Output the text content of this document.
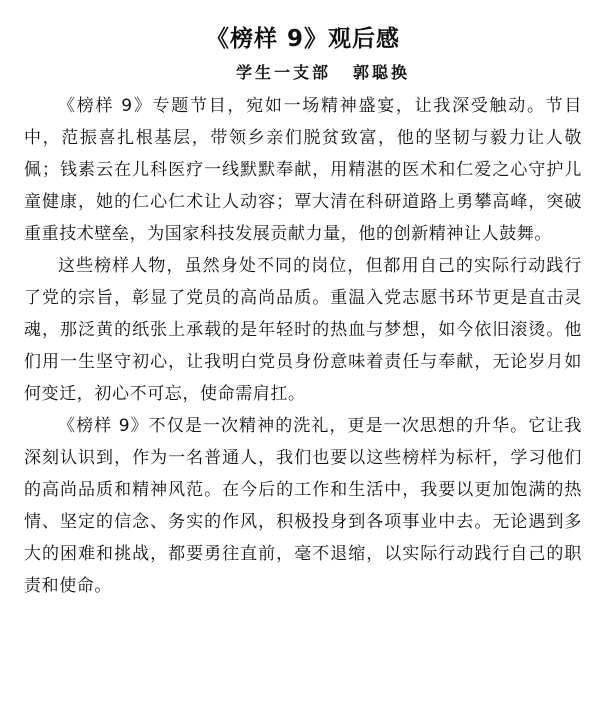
《榜样 9》观后感
学生一支部 郭聪换

《榜样 9》专题节目，宛如一场精神盛宴，让我深受触动。节目中，范振喜扎根基层，带领乡亲们脱贫致富，他的坚韧与毅力让人敬佩；钱素云在儿科医疗一线默默奉献，用精湛的医术和仁爱之心守护儿童健康，她的仁心仁术让人动容；覃大清在科研道路上勇攀高峰，突破重重技术壁垒，为国家科技发展贡献力量，他的创新精神让人鼓舞。

这些榜样人物，虽然身处不同的岗位，但都用自己的实际行动践行了党的宗旨，彰显了党员的高尚品质。重温入党志愿书环节更是直击灵魂，那泛黄的纸张上承载的是年轻时的热血与梦想，如今依旧滚烫。他们用一生坚守初心，让我明白党员身份意味着责任与奉献，无论岁月如何变迁，初心不可忘，使命需肩扛。

《榜样 9》不仅是一次精神的洗礼，更是一次思想的升华。它让我深刻认识到，作为一名普通人，我们也要以这些榜样为标杆，学习他们的高尚品质和精神风范。在今后的工作和生活中，我要以更加饱满的热情、坚定的信念、务实的作风，积极投身到各项事业中去。无论遇到多大的困难和挑战，都要勇往直前，毫不退缩，以实际行动践行自己的职责和使命。
